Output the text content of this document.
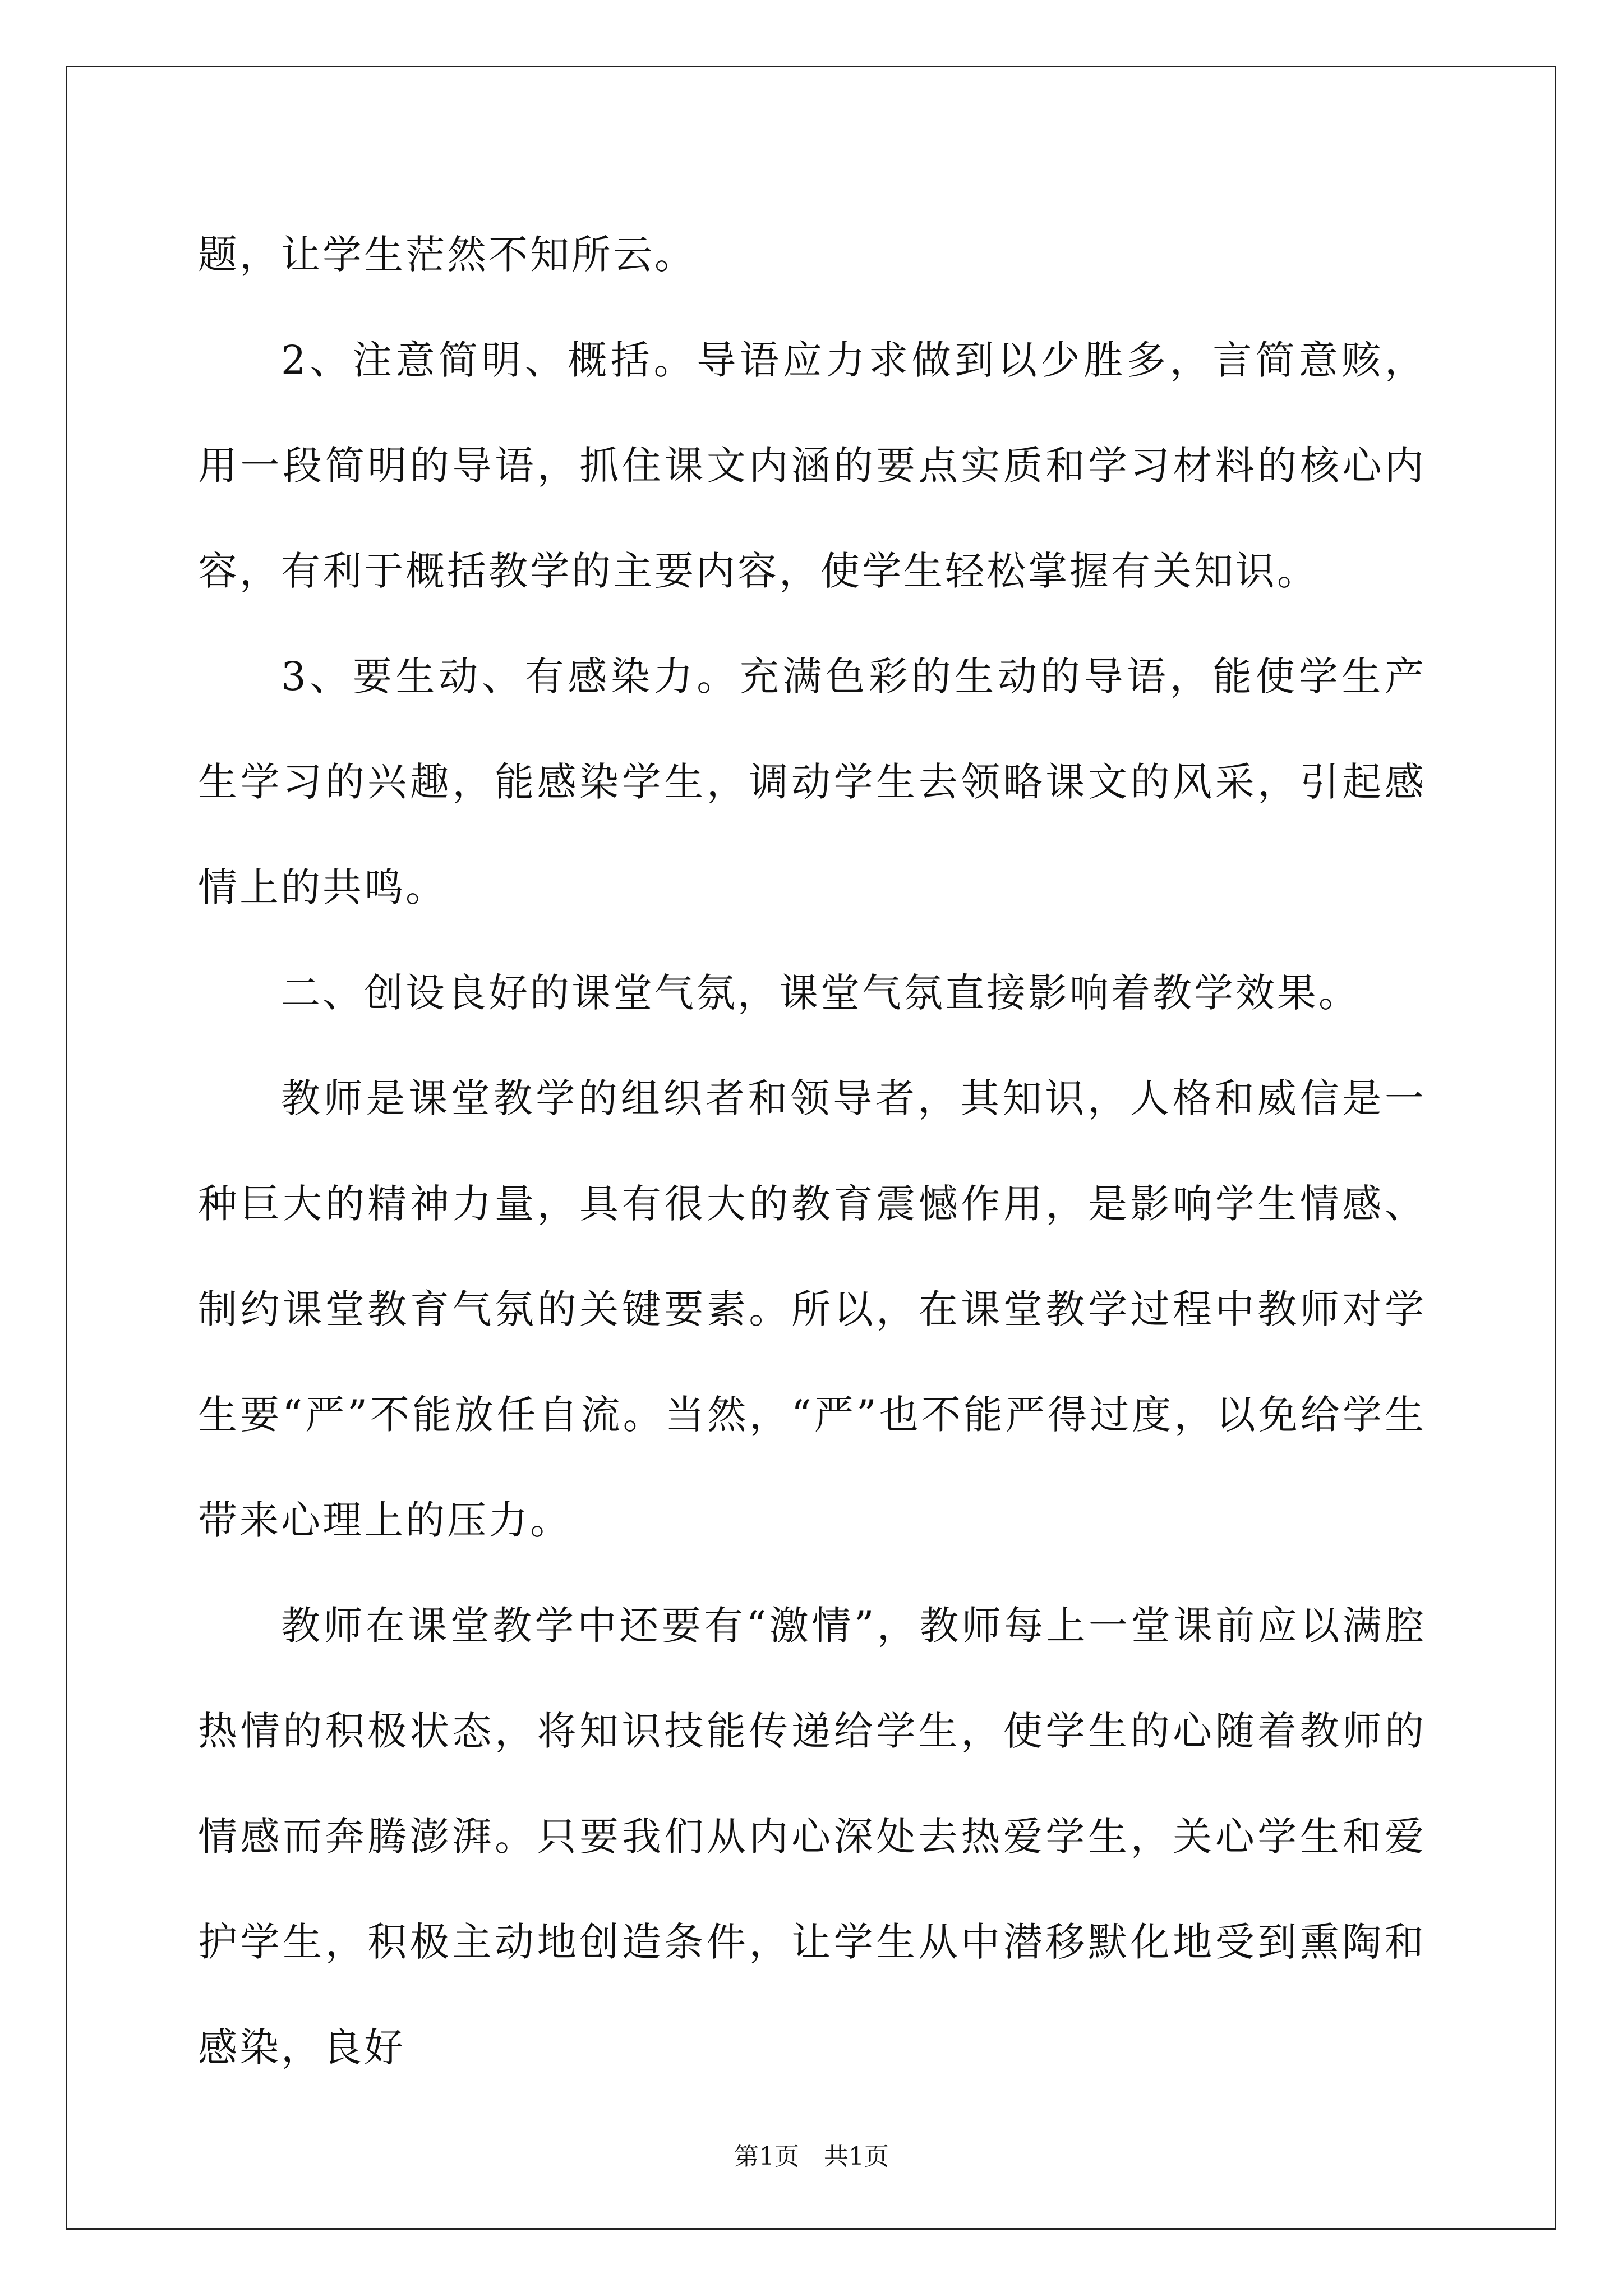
题，让学生茫然不知所云。

2、注意简明、概括。导语应力求做到以少胜多，言简意赅，用一段简明的导语，抓住课文内涵的要点实质和学习材料的核心内容，有利于概括教学的主要内容，使学生轻松掌握有关知识。

3、要生动、有感染力。充满色彩的生动的导语，能使学生产生学习的兴趣，能感染学生，调动学生去领略课文的风采，引起感情上的共鸣。

二、创设良好的课堂气氛，课堂气氛直接影响着教学效果。

教师是课堂教学的组织者和领导者，其知识，人格和威信是一种巨大的精神力量，具有很大的教育震憾作用，是影响学生情感、制约课堂教育气氛的关键要素。所以，在课堂教学过程中教师对学生要“严”不能放任自流。当然，“严”也不能严得过度，以免给学生带来心理上的压力。

教师在课堂教学中还要有“激情”，教师每上一堂课前应以满腔热情的积极状态，将知识技能传递给学生，使学生的心随着教师的情感而奔腾澎湃。只要我们从内心深处去热爱学生，关心学生和爱护学生，积极主动地创造条件，让学生从中潜移默化地受到熏陶和感染，良好

第1页 共1页
